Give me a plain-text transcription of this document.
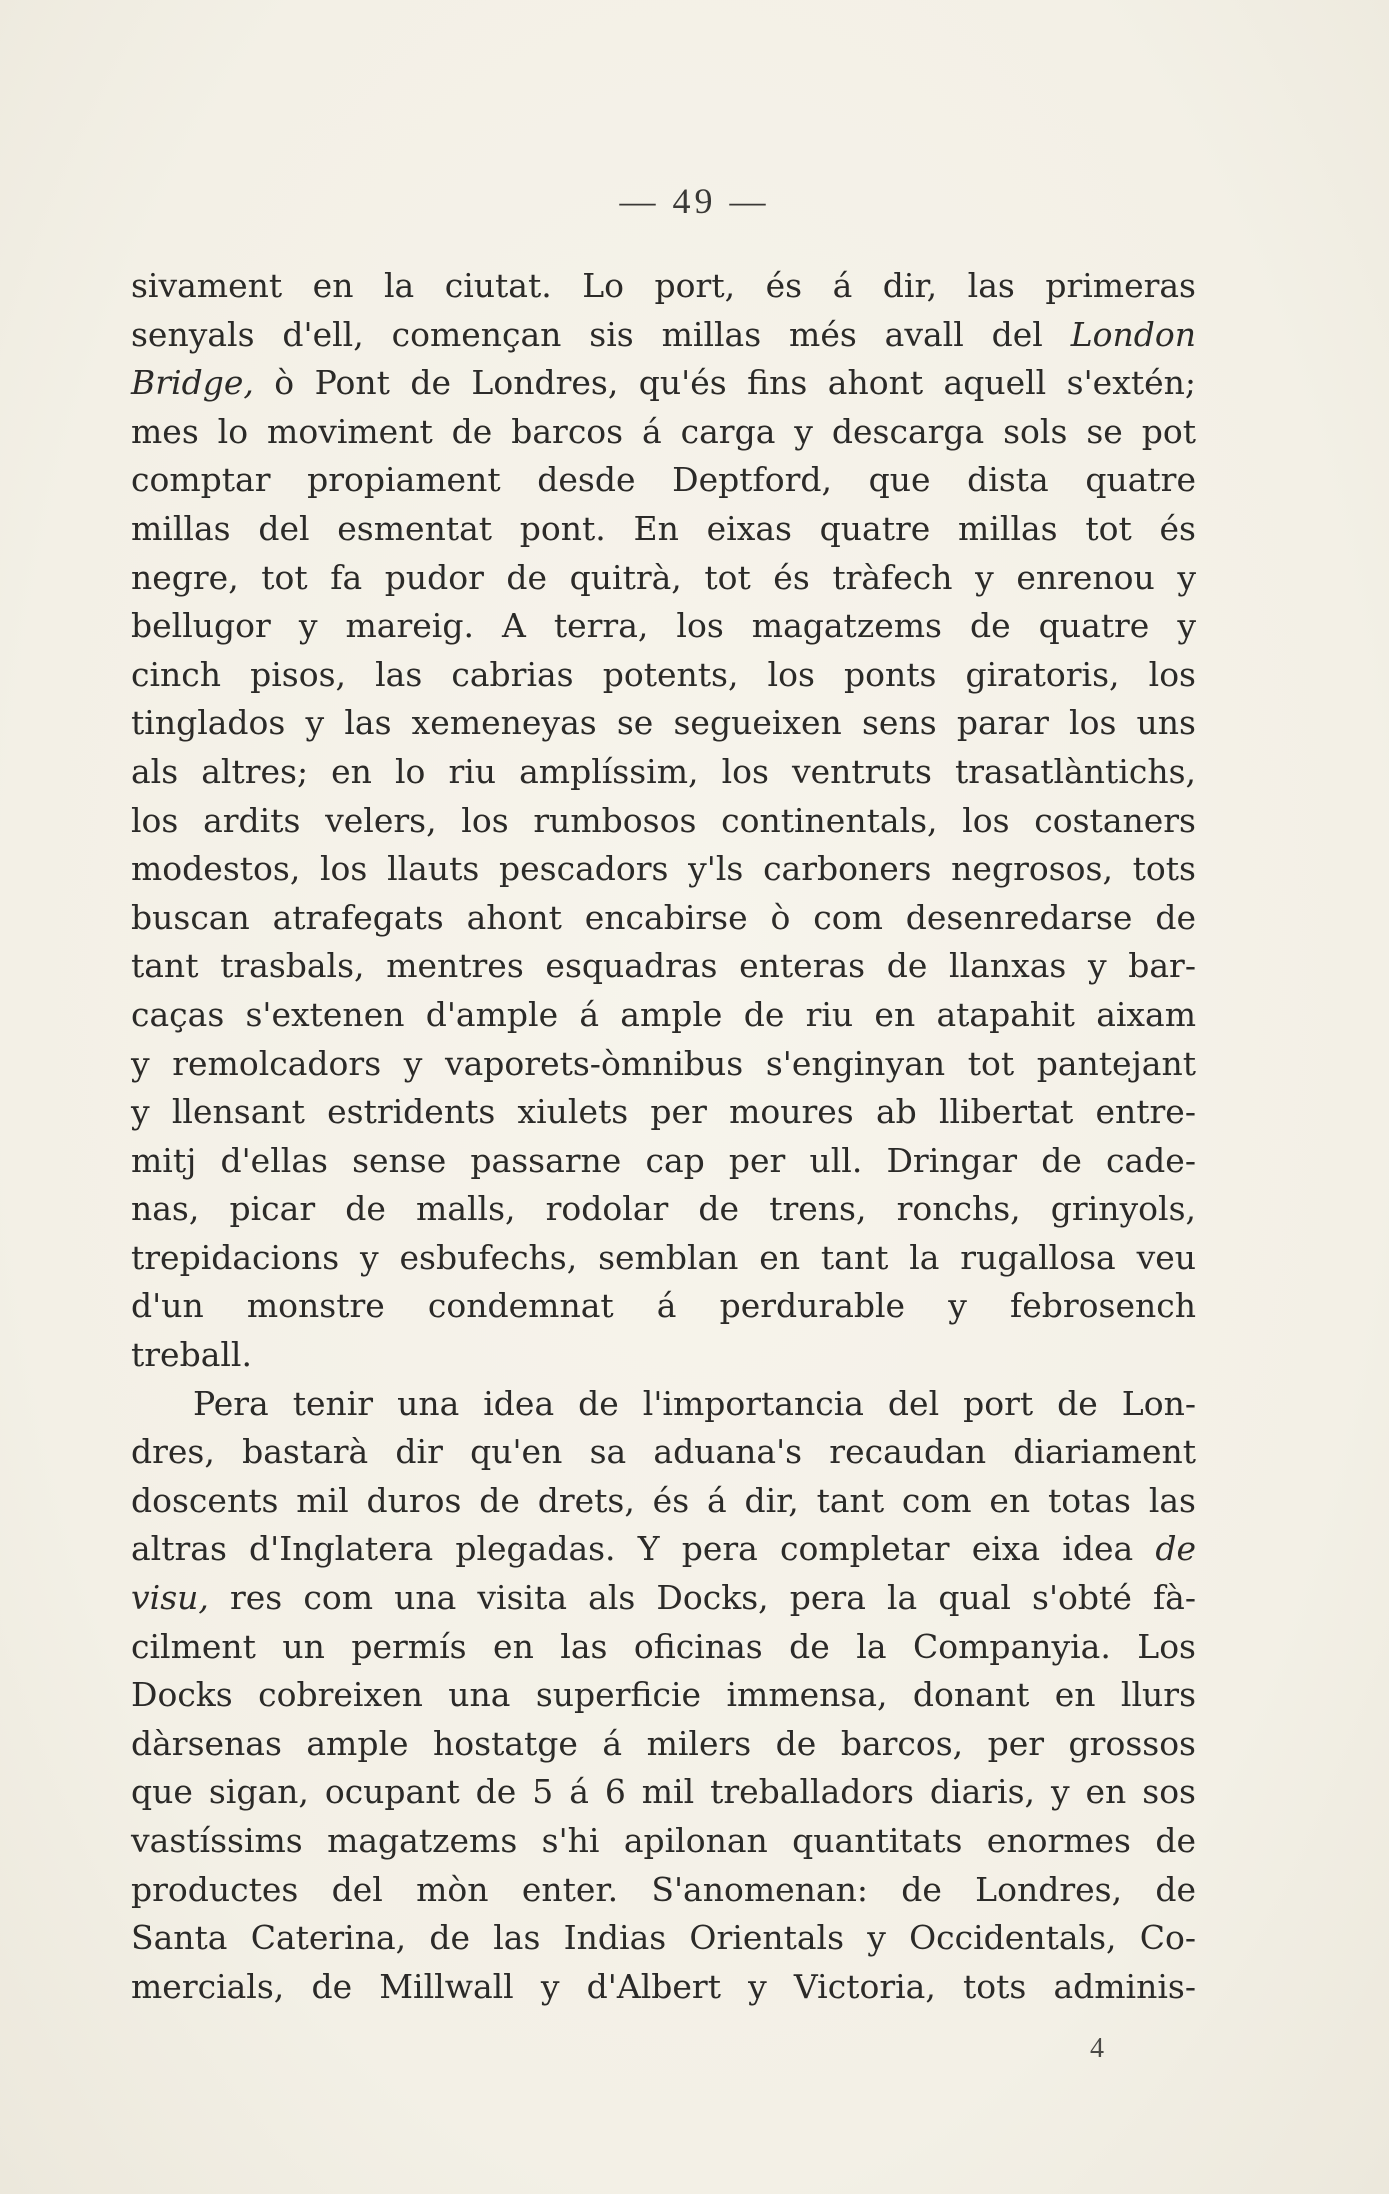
— 49 —
sivament en la ciutat. Lo port, és á dir, las primeras
senyals d'ell, començan sis millas més avall del London
Bridge, ò Pont de Londres, qu'és fins ahont aquell s'extén;
mes lo moviment de barcos á carga y descarga sols se pot
comptar propiament desde Deptford, que dista quatre
millas del esmentat pont. En eixas quatre millas tot és
negre, tot fa pudor de quitrà, tot és tràfech y enrenou y
bellugor y mareig. A terra, los magatzems de quatre y
cinch pisos, las cabrias potents, los ponts giratoris, los
tinglados y las xemeneyas se segueixen sens parar los uns
als altres; en lo riu amplíssim, los ventruts trasatlàntichs,
los ardits velers, los rumbosos continentals, los costaners
modestos, los llauts pescadors y'ls carboners negrosos, tots
buscan atrafegats ahont encabirse ò com desenredarse de
tant trasbals, mentres esquadras enteras de llanxas y bar-
caças s'extenen d'ample á ample de riu en atapahit aixam
y remolcadors y vaporets-òmnibus s'enginyan tot pantejant
y llensant estridents xiulets per moures ab llibertat entre-
mitj d'ellas sense passarne cap per ull. Dringar de cade-
nas, picar de malls, rodolar de trens, ronchs, grinyols,
trepidacions y esbufechs, semblan en tant la rugallosa veu
d'un monstre condemnat á perdurable y febrosench
treball.
Pera tenir una idea de l'importancia del port de Lon-
dres, bastarà dir qu'en sa aduana's recaudan diariament
doscents mil duros de drets, és á dir, tant com en totas las
altras d'Inglatera plegadas. Y pera completar eixa idea de
visu, res com una visita als Docks, pera la qual s'obté fà-
cilment un permís en las oficinas de la Companyia. Los
Docks cobreixen una superficie immensa, donant en llurs
dàrsenas ample hostatge á milers de barcos, per grossos
que sigan, ocupant de 5 á 6 mil treballadors diaris, y en sos
vastíssims magatzems s'hi apilonan quantitats enormes de
productes del mòn enter. S'anomenan: de Londres, de
Santa Caterina, de las Indias Orientals y Occidentals, Co-
mercials, de Millwall y d'Albert y Victoria, tots adminis-
4
